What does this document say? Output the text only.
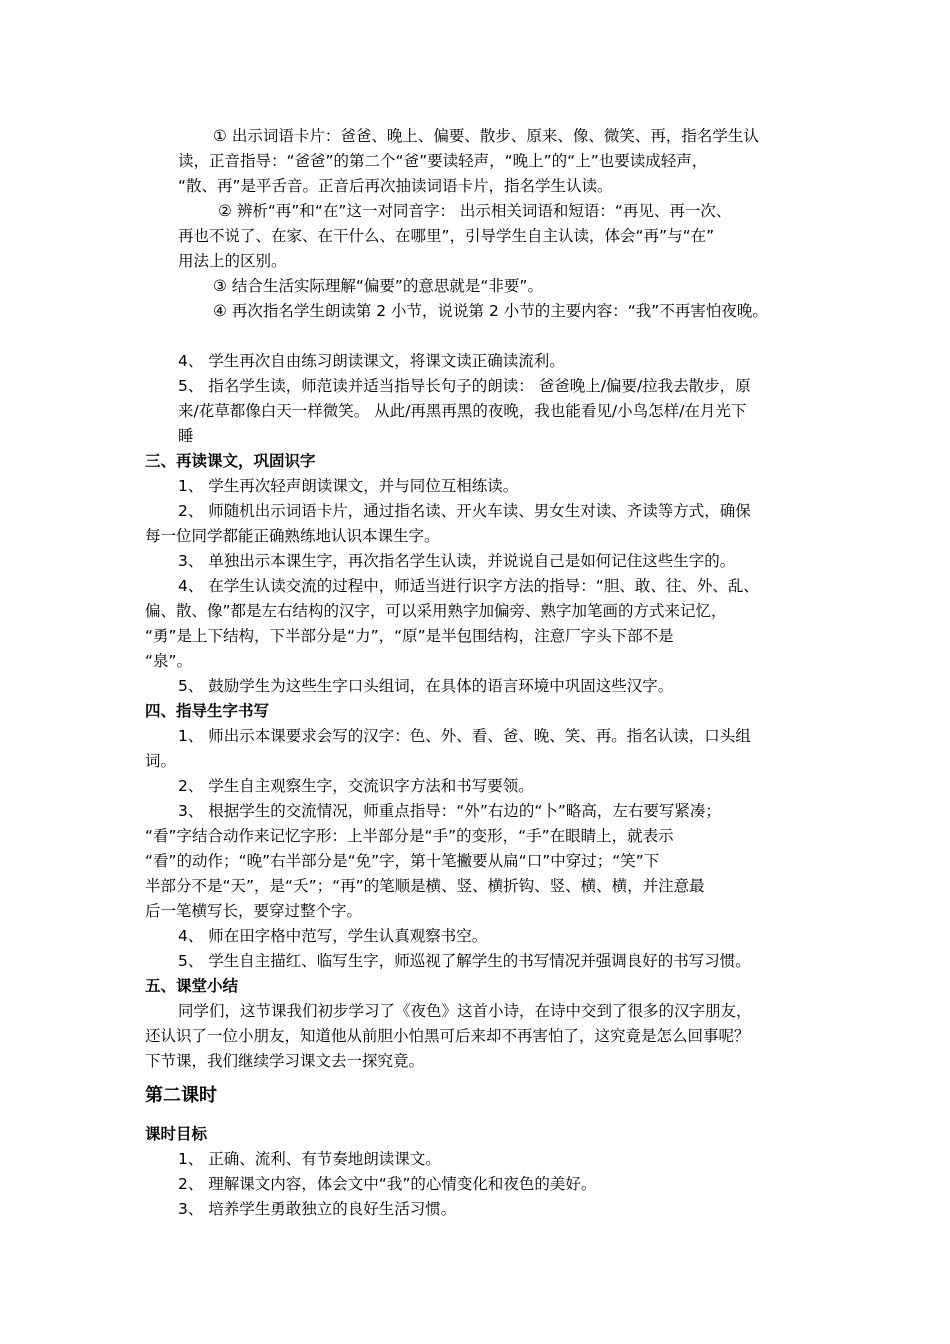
① 出示词语卡片：爸爸、晚上、偏要、散步、原来、像、微笑、再，指名学生认
读，正音指导：“爸爸”的第二个“爸”要读轻声，“晚上”的“上”也要读成轻声，
“散、再”是平舌音。正音后再次抽读词语卡片，指名学生认读。
② 辨析“再”和“在”这一对同音字： 出示相关词语和短语：“再见、再一次、
再也不说了、在家、在干什么、在哪里”，引导学生自主认读，体会“再”与“在”
用法上的区别。
③ 结合生活实际理解“偏要”的意思就是“非要”。
④ 再次指名学生朗读第 2 小节，说说第 2 小节的主要内容：“我”不再害怕夜晚。
4、 学生再次自由练习朗读课文，将课文读正确读流利。
5、 指名学生读，师范读并适当指导长句子的朗读： 爸爸晚上/偏要/拉我去散步，原
来/花草都像白天一样微笑。 从此/再黑再黑的夜晚，我也能看见/小鸟怎样/在月光下
睡
三、再读课文，巩固识字
1、 学生再次轻声朗读课文，并与同位互相练读。
2、 师随机出示词语卡片，通过指名读、开火车读、男女生对读、齐读等方式，确保
每一位同学都能正确熟练地认识本课生字。
3、 单独出示本课生字，再次指名学生认读，并说说自己是如何记住这些生字的。
4、 在学生认读交流的过程中，师适当进行识字方法的指导：“胆、敢、往、外、乱、
偏、散、像”都是左右结构的汉字，可以采用熟字加偏旁、熟字加笔画的方式来记忆，
“勇”是上下结构，下半部分是“力”，“原”是半包围结构，注意厂字头下部不是
“泉”。
5、 鼓励学生为这些生字口头组词，在具体的语言环境中巩固这些汉字。
四、指导生字书写
1、 师出示本课要求会写的汉字：色、外、看、爸、晚、笑、再。指名认读，口头组
词。
2、 学生自主观察生字，交流识字方法和书写要领。
3、 根据学生的交流情况，师重点指导：“外”右边的“卜”略高，左右要写紧凑；
“看”字结合动作来记忆字形：上半部分是“手”的变形，“手”在眼睛上，就表示
“看”的动作；“晚”右半部分是“免”字，第十笔撇要从扁“口”中穿过；“笑”下
半部分不是“天”，是“夭”；“再”的笔顺是横、竖、横折钩、竖、横、横，并注意最
后一笔横写长，要穿过整个字。
4、 师在田字格中范写，学生认真观察书空。
5、 学生自主描红、临写生字，师巡视了解学生的书写情况并强调良好的书写习惯。
五、课堂小结
同学们，这节课我们初步学习了《夜色》这首小诗，在诗中交到了很多的汉字朋友，
还认识了一位小朋友，知道他从前胆小怕黑可后来却不再害怕了，这究竟是怎么回事呢？
下节课，我们继续学习课文去一探究竟。
第二课时
课时目标
1、 正确、流利、有节奏地朗读课文。
2、 理解课文内容，体会文中“我”的心情变化和夜色的美好。
3、 培养学生勇敢独立的良好生活习惯。
